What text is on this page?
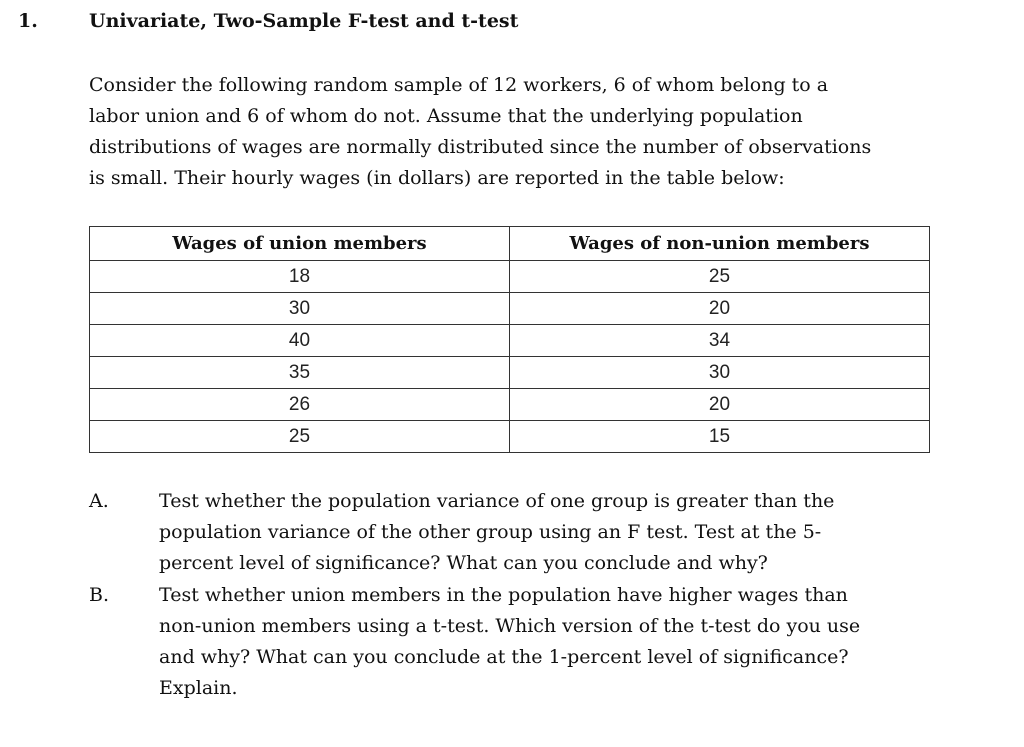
1.	Univariate, Two-Sample F-test and t-test

Consider the following random sample of 12 workers, 6 of whom belong to a
labor union and 6 of whom do not. Assume that the underlying population
distributions of wages are normally distributed since the number of observations
is small. Their hourly wages (in dollars) are reported in the table below:

Wages of union members	Wages of non-union members
18	25
30	20
40	34
35	30
26	20
25	15
A.	Test whether the population variance of one group is greater than the
population variance of the other group using an F test. Test at the 5-
percent level of significance? What can you conclude and why?
B.	Test whether union members in the population have higher wages than
non-union members using a t-test. Which version of the t-test do you use
and why? What can you conclude at the 1-percent level of significance?
Explain.
